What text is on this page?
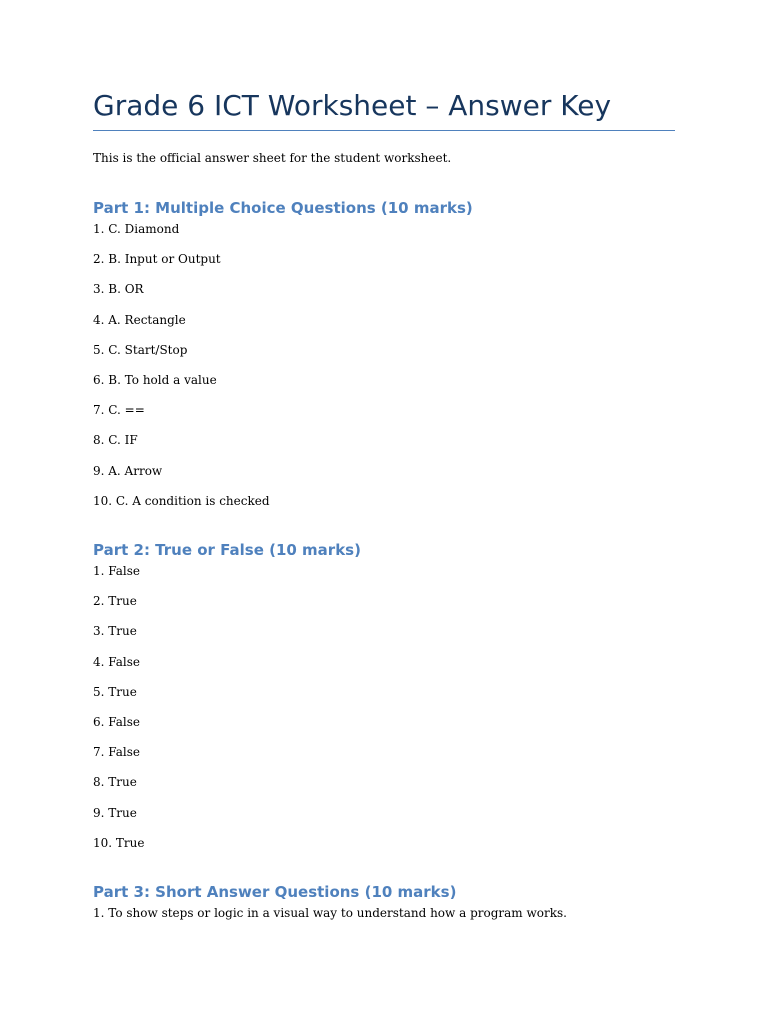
Grade 6 ICT Worksheet – Answer Key

This is the official answer sheet for the student worksheet.

Part 1: Multiple Choice Questions (10 marks)
1. C. Diamond
2. B. Input or Output
3. B. OR
4. A. Rectangle
5. C. Start/Stop
6. B. To hold a value
7. C. ==
8. C. IF
9. A. Arrow
10. C. A condition is checked
Part 2: True or False (10 marks)
1. False
2. True
3. True
4. False
5. True
6. False
7. False
8. True
9. True
10. True
Part 3: Short Answer Questions (10 marks)
1. To show steps or logic in a visual way to understand how a program works.
